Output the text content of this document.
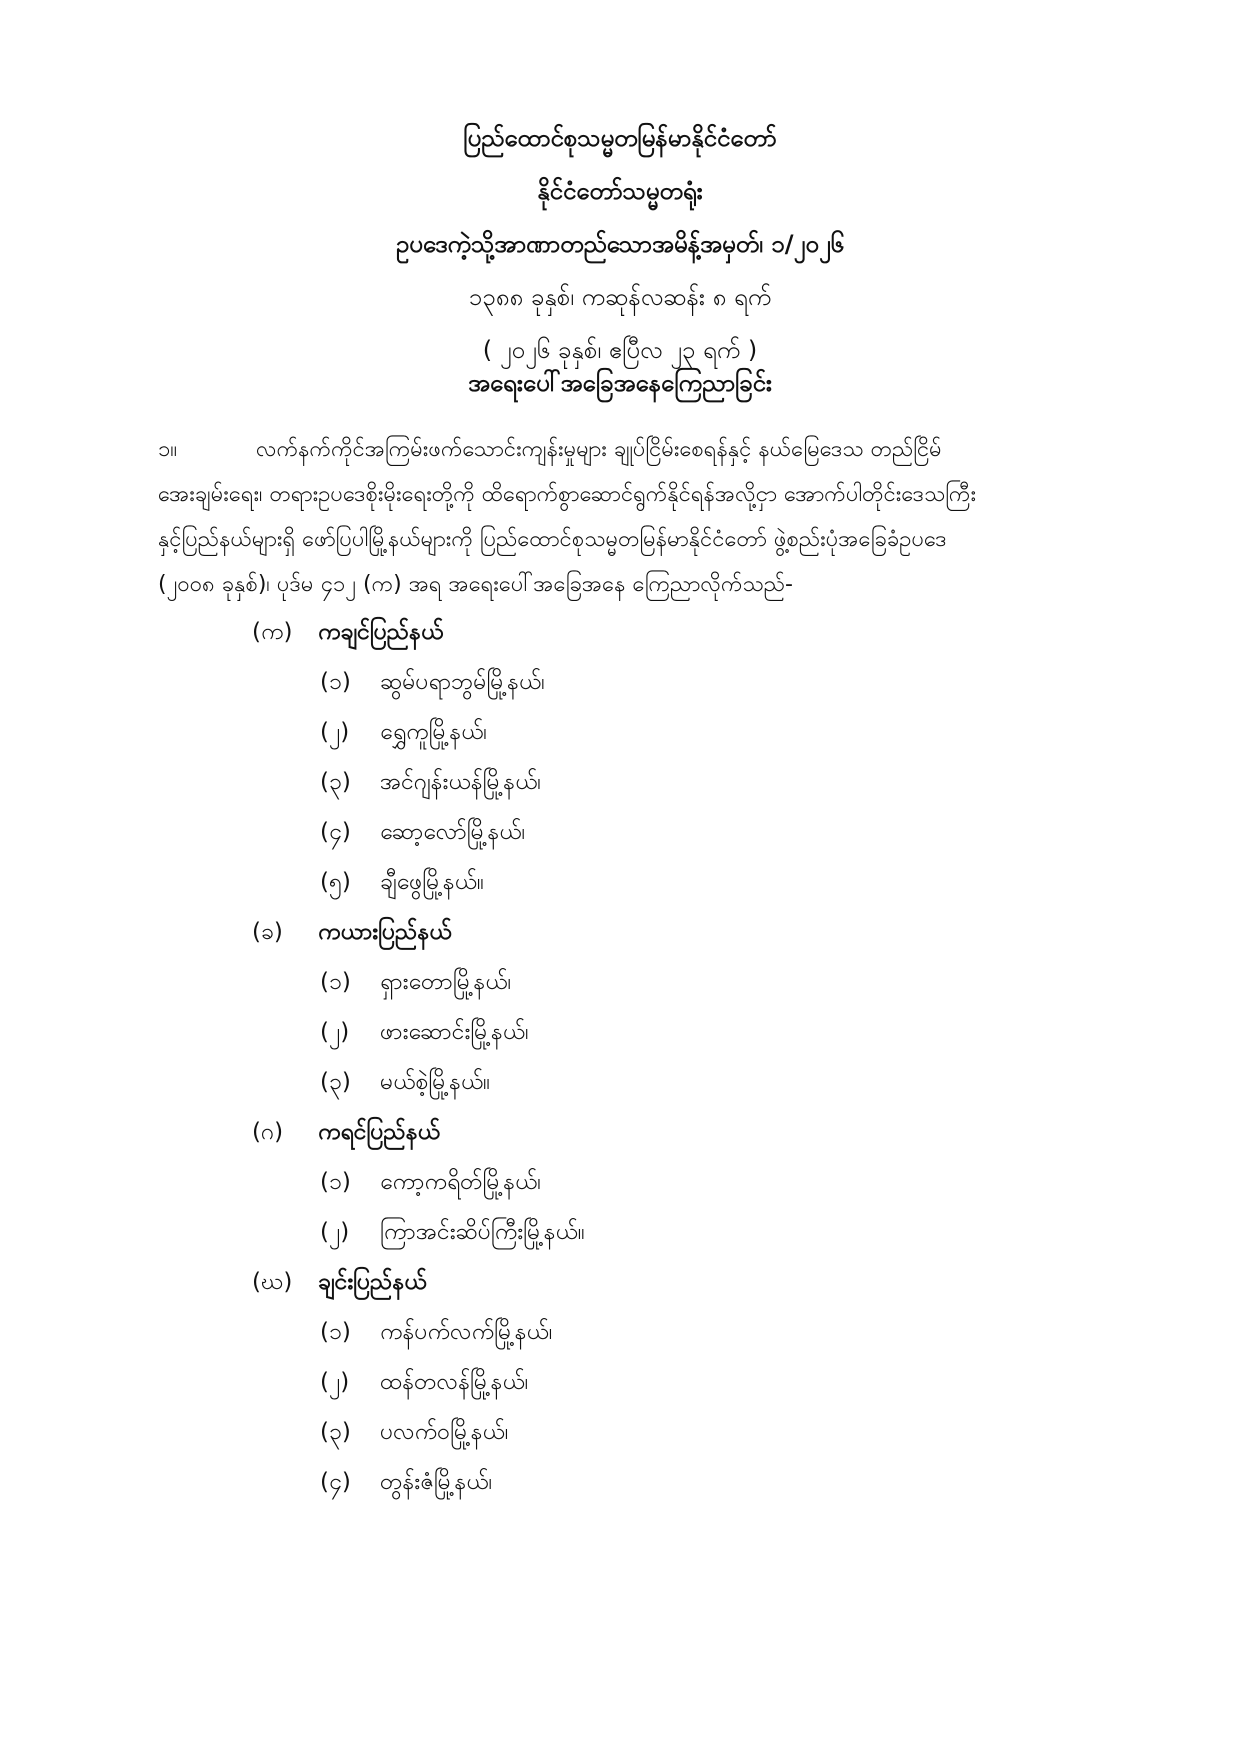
ပြည်ထောင်စုသမ္မတမြန်မာနိုင်ငံတော်
နိုင်ငံတော်သမ္မတရုံး
ဥပဒေကဲ့သို့အာဏာတည်သောအမိန့်အမှတ်၊ ၁/၂၀၂၆
၁၃၈၈ ခုနှစ်၊ ကဆုန်လဆန်း ၈ ရက်
( ၂၀၂၆ ခုနှစ်၊ ဧပြီလ ၂၃ ရက် )
အရေးပေါ်အခြေအနေကြေညာခြင်း
၁။	လက်နက်ကိုင်အကြမ်းဖက်သောင်းကျန်းမှုများ ချုပ်ငြိမ်းစေရန်နှင့် နယ်မြေဒေသ တည်ငြိမ်
အေးချမ်းရေး၊ တရားဥပဒေစိုးမိုးရေးတို့ကို ထိရောက်စွာဆောင်ရွက်နိုင်ရန်အလို့ငှာ အောက်ပါတိုင်းဒေသကြီး
နှင့်ပြည်နယ်များရှိ ဖော်ပြပါမြို့နယ်များကို ပြည်ထောင်စုသမ္မတမြန်မာနိုင်ငံတော် ဖွဲ့စည်းပုံအခြေခံဥပဒေ
(၂၀၀၈ ခုနှစ်)၊ ပုဒ်မ ၄၁၂ (က) အရ အရေးပေါ်အခြေအနေ ကြေညာလိုက်သည်-
(က) ကချင်ပြည်နယ်
(၁) ဆွမ်ပရာဘွမ်မြို့နယ်၊
(၂) ရွှေကူမြို့နယ်၊
(၃) အင်ဂျန်းယန်မြို့နယ်၊
(၄) ဆော့လော်မြို့နယ်၊
(၅) ချီဖွေမြို့နယ်။
(ခ) ကယားပြည်နယ်
(၁) ရှားတောမြို့နယ်၊
(၂) ဖားဆောင်းမြို့နယ်၊
(၃) မယ်စဲ့မြို့နယ်။
(ဂ) ကရင်ပြည်နယ်
(၁) ကော့ကရိတ်မြို့နယ်၊
(၂) ကြာအင်းဆိပ်ကြီးမြို့နယ်။
(ဃ) ချင်းပြည်နယ်
(၁) ကန်ပက်လက်မြို့နယ်၊
(၂) ထန်တလန်မြို့နယ်၊
(၃) ပလက်ဝမြို့နယ်၊
(၄) တွန်းဇံမြို့နယ်၊
